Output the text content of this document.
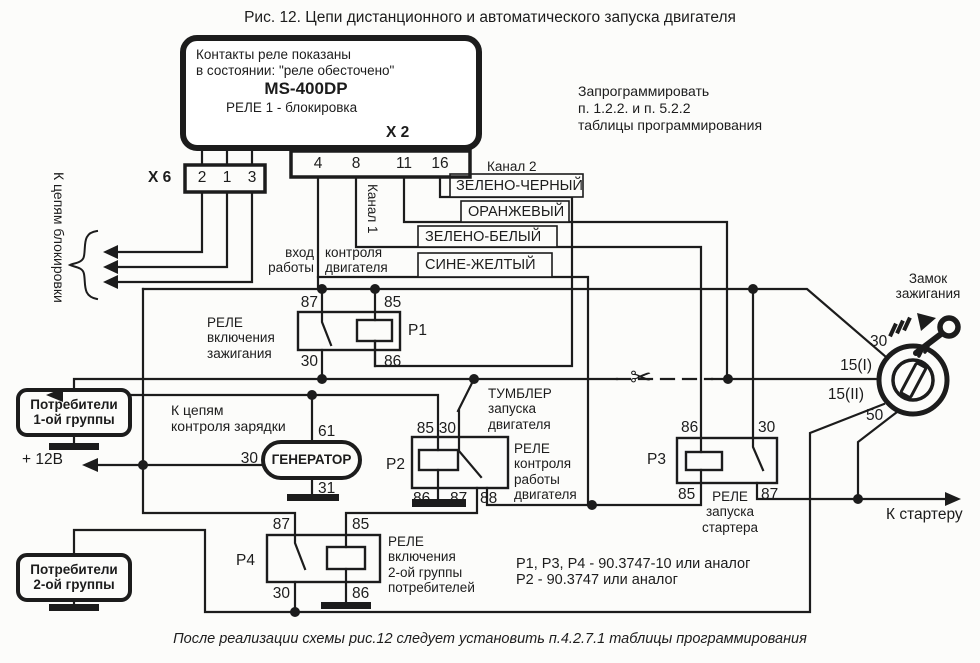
✂
Рис. 12. Цепи дистанционного и автоматического запуска двигателя
Контакты реле показаны
в состоянии: "реле обесточено"
MS-400DP
РЕЛЕ 1 - блокировка
Х 2
Х 6
4	8	11 16
2	1	3
Запрограммировать
п. 1.2.2. и п. 5.2.2
таблицы программирования
К цепям блокировки	Канал 1
Канал 2
ЗЕЛЕНО-ЧЕРНЫЙ
ОРАНЖЕВЫЙ
ЗЕЛЕНО-БЕЛЫЙ
СИНЕ-ЖЕЛТЫЙ
вход
работы
контроля
двигателя
РЕЛЕ
включения
зажигания
87	85
30	86
Р1
ТУМБЛЕР
запуска
двигателя
РЕЛЕ
контроля
работы
двигателя
85 30
86 87 88
Р2
РЕЛЕ
запуска
стартера
86	30
85	87
Р3
РЕЛЕ
включения
2-ой группы
потребителей
87	85
30	86
Р4
ГЕНЕРАТОР
61
30
31
К цепям
контроля зарядки
+ 12В
Потребители
1-ой группы
Потребители
2-ой группы
Замок
зажигания
30
15(I)
15(II)
50
К стартеру
Р1, Р3, Р4 - 90.3747-10 или аналог
Р2 - 90.3747 или аналог
После реализации схемы рис.12 следует установить п.4.2.7.1 таблицы программирования
